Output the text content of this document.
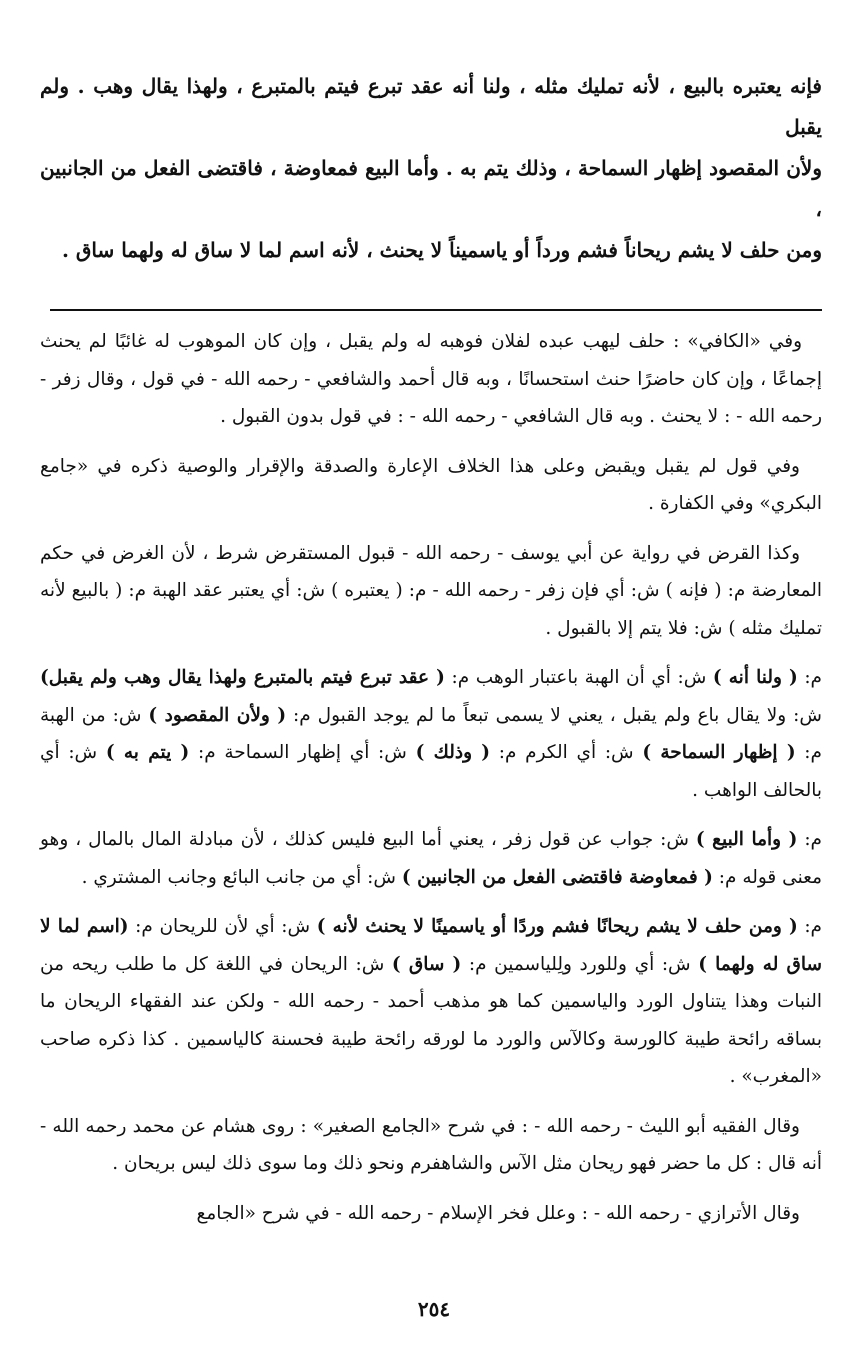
فإنه يعتبره بالبيع ، لأنه تمليك مثله ، ولنا أنه عقد تبرع فيتم بالمتبرع ، ولهذا يقال وهب . ولم يقبل
ولأن المقصود إظهار السماحة ، وذلك يتم به . وأما البيع فمعاوضة ، فاقتضى الفعل من الجانبين ،
ومن حلف لا يشم ريحاناً فشم ورداً أو ياسميناً لا يحنث ، لأنه اسم لما لا ساق له ولهما ساق .

وفي «الكافي» : حلف ليهب عبده لفلان فوهبه له ولم يقبل ، وإن كان الموهوب له غائبًا لم يحنث إجماعًا ، وإن كان حاضرًا حنث استحسانًا ، وبه قال أحمد والشافعي - رحمه الله - في قول ، وقال زفر - رحمه الله - : لا يحنث . وبه قال الشافعي - رحمه الله - : في قول بدون القبول .

وفي قول لم يقبل ويقبض وعلى هذا الخلاف الإعارة والصدقة والإقرار والوصية ذكره في «جامع البكري» وفي الكفارة .

وكذا القرض في رواية عن أبي يوسف - رحمه الله - قبول المستقرض شرط ، لأن الغرض في حكم المعارضة م: ( فإنه ) ش: أي فإن زفر - رحمه الله - م: ( يعتبره ) ش: أي يعتبر عقد الهبة م: ( بالبيع لأنه تمليك مثله ) ش: فلا يتم إلا بالقبول .

م: ( ولنا أنه ) ش: أي أن الهبة باعتبار الوهب م: ( عقد تبرع فيتم بالمتبرع ولهذا يقال وهب ولم يقبل) ش: ولا يقال باع ولم يقبل ، يعني لا يسمى تبعاً ما لم يوجد القبول م: ( ولأن المقصود ) ش: من الهبة م: ( إظهار السماحة ) ش: أي الكرم م: ( وذلك ) ش: أي إظهار السماحة م: ( يتم به ) ش: أي بالحالف الواهب .

م: ( وأما البيع ) ش: جواب عن قول زفر ، يعني أما البيع فليس كذلك ، لأن مبادلة المال بالمال ، وهو معنى قوله م: ( فمعاوضة فاقتضى الفعل من الجانبين ) ش: أي من جانب البائع وجانب المشتري .

م: ( ومن حلف لا يشم ريحانًا فشم وردًا أو ياسمينًا لا يحنث لأنه ) ش: أي لأن للريحان م: (اسم لما لا ساق له ولهما ) ش: أي وللورد ولِلياسمين م: ( ساق ) ش: الريحان في اللغة كل ما طلب ريحه من النبات وهذا يتناول الورد والياسمين كما هو مذهب أحمد - رحمه الله - ولكن عند الفقهاء الريحان ما بساقه رائحة طيبة كالورسة وكالآس والورد ما لورقه رائحة طيبة فحسنة كالياسمين . كذا ذكره صاحب «المغرب» .

وقال الفقيه أبو الليث - رحمه الله - : في شرح «الجامع الصغير» : روى هشام عن محمد رحمه الله - أنه قال : كل ما حضر فهو ريحان مثل الآس والشاهفرم ونحو ذلك وما سوى ذلك ليس بريحان .

وقال الأترازي - رحمه الله - : وعلل فخر الإسلام - رحمه الله - في شرح «الجامع

٢٥٤
